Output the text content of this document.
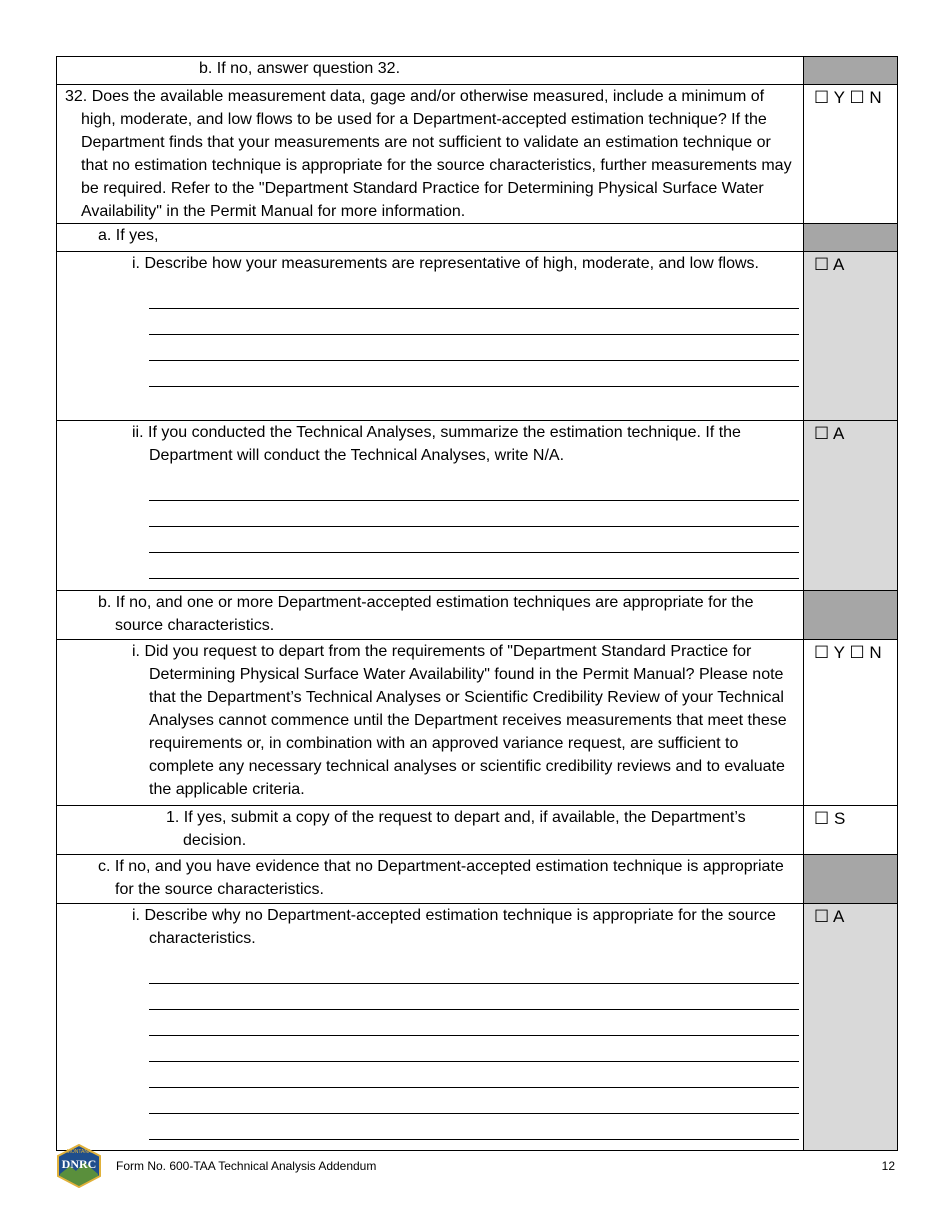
b. If no, answer question 32.	

32. Does the available measurement data, gage and/or otherwise measured, include a minimum of high, moderate, and low flows to be used for a Department-accepted estimation technique? If the Department finds that your measurements are not sufficient to validate an estimation technique or that no estimation technique is appropriate for the source characteristics, further measurements may be required. Refer to the "Department Standard Practice for Determining Physical Surface Water Availability" in the Permit Manual for more information.	☐ Y ☐ N

a. If yes,	

i. Describe how your measurements are representative of high, moderate, and low flows.	☐ A

ii. If you conducted the Technical Analyses, summarize the estimation technique. If the Department will conduct the Technical Analyses, write N/A.	☐ A

b. If no, and one or more Department-accepted estimation techniques are appropriate for the source characteristics.	

i. Did you request to depart from the requirements of "Department Standard Practice for Determining Physical Surface Water Availability" found in the Permit Manual? Please note that the Department’s Technical Analyses or Scientific Credibility Review of your Technical Analyses cannot commence until the Department receives measurements that meet these requirements or, in combination with an approved variance request, are sufficient to complete any necessary technical analyses or scientific credibility reviews and to evaluate the applicable criteria.	☐ Y ☐ N

1. If yes, submit a copy of the request to depart and, if available, the Department’s decision.	☐ S

c. If no, and you have evidence that no Department-accepted estimation technique is appropriate for the source characteristics.	

i. Describe why no Department-accepted estimation technique is appropriate for the source characteristics.	☐ A
MONTANA
DNRC Form No. 600-TAA Technical Analysis Addendum	12
